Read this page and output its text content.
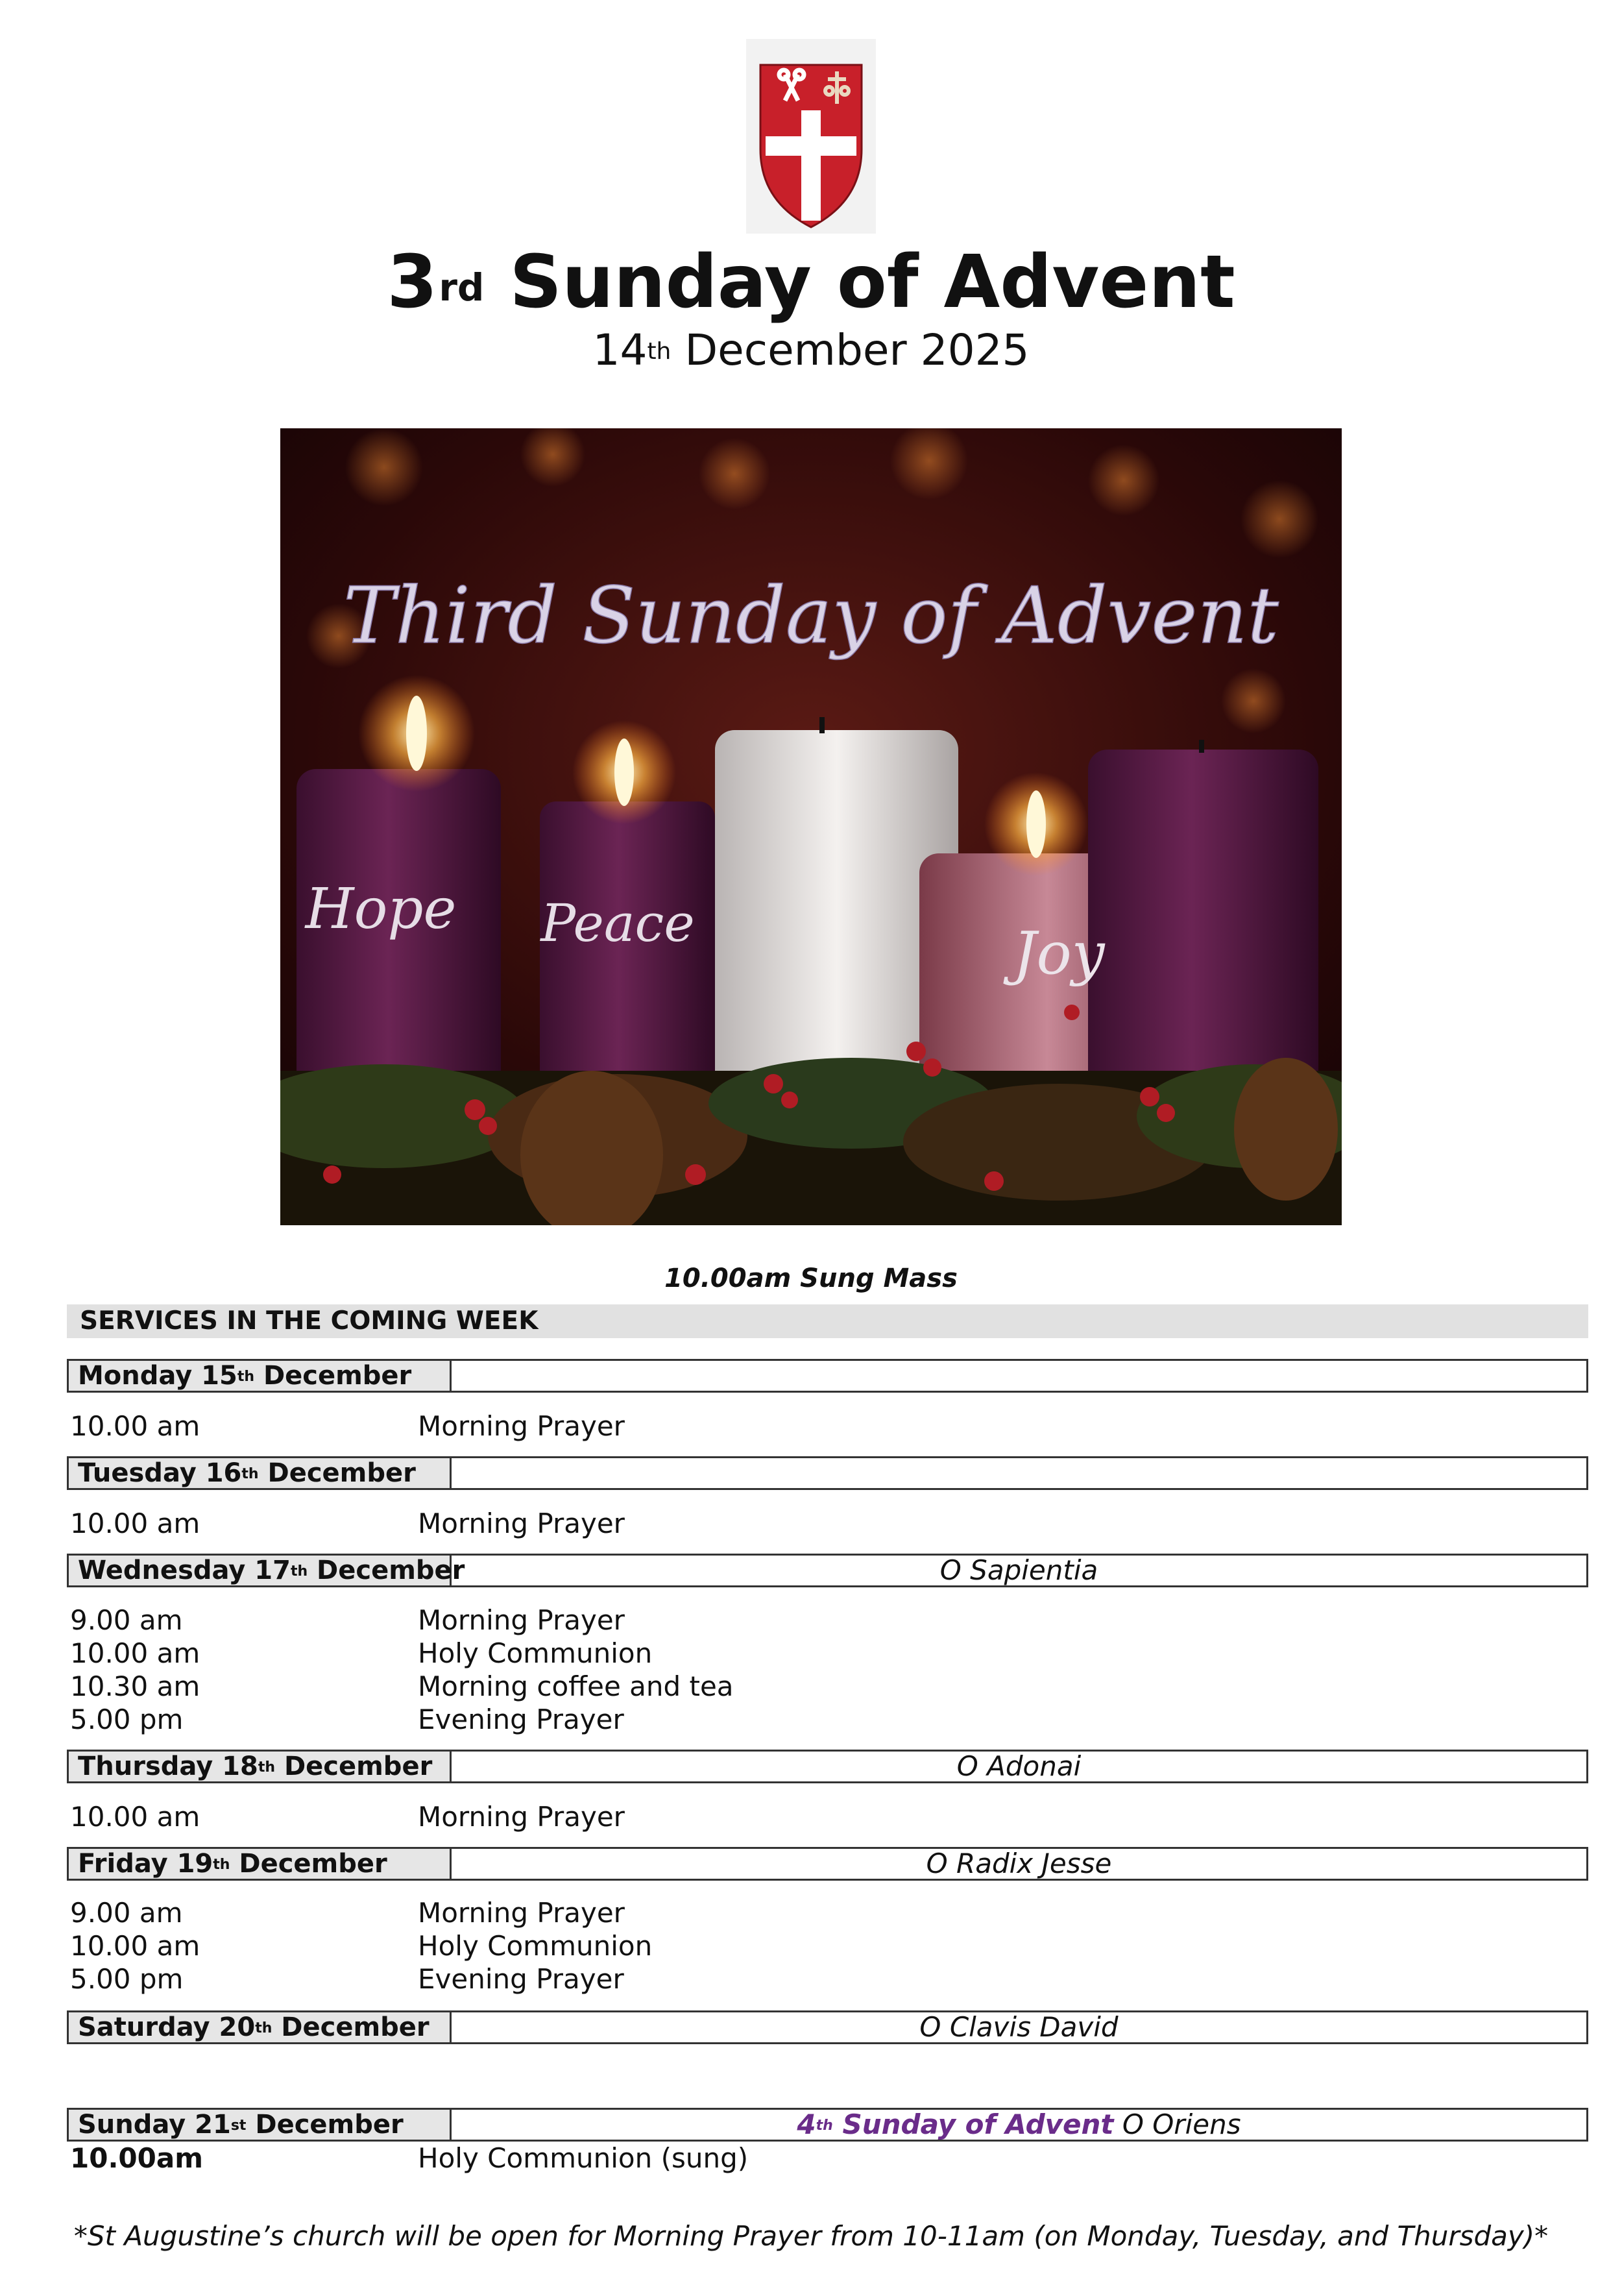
3rd Sunday of Advent
14th December 2025
Third Sunday of Advent
Hope Peace	Joy
10.00am Sung Mass
SERVICES IN THE COMING WEEK
Monday 15th December
10.00 am	Morning Prayer
Tuesday 16th December
10.00 am	Morning Prayer
Wednesday 17th December	O Sapientia
9.00 am	Morning Prayer
10.00 am	Holy Communion
10.30 am	Morning coffee and tea
5.00 pm	Evening Prayer
Thursday 18th December	O Adonai
10.00 am	Morning Prayer
Friday 19th December	O Radix Jesse
9.00 am	Morning Prayer
10.00 am	Holy Communion
5.00 pm	Evening Prayer
Saturday 20th December	O Clavis David
Sunday 21st December	4th Sunday of Advent O Oriens
10.00am	Holy Communion (sung)
*St Augustine’s church will be open for Morning Prayer from 10-11am (on Monday, Tuesday, and Thursday)*
